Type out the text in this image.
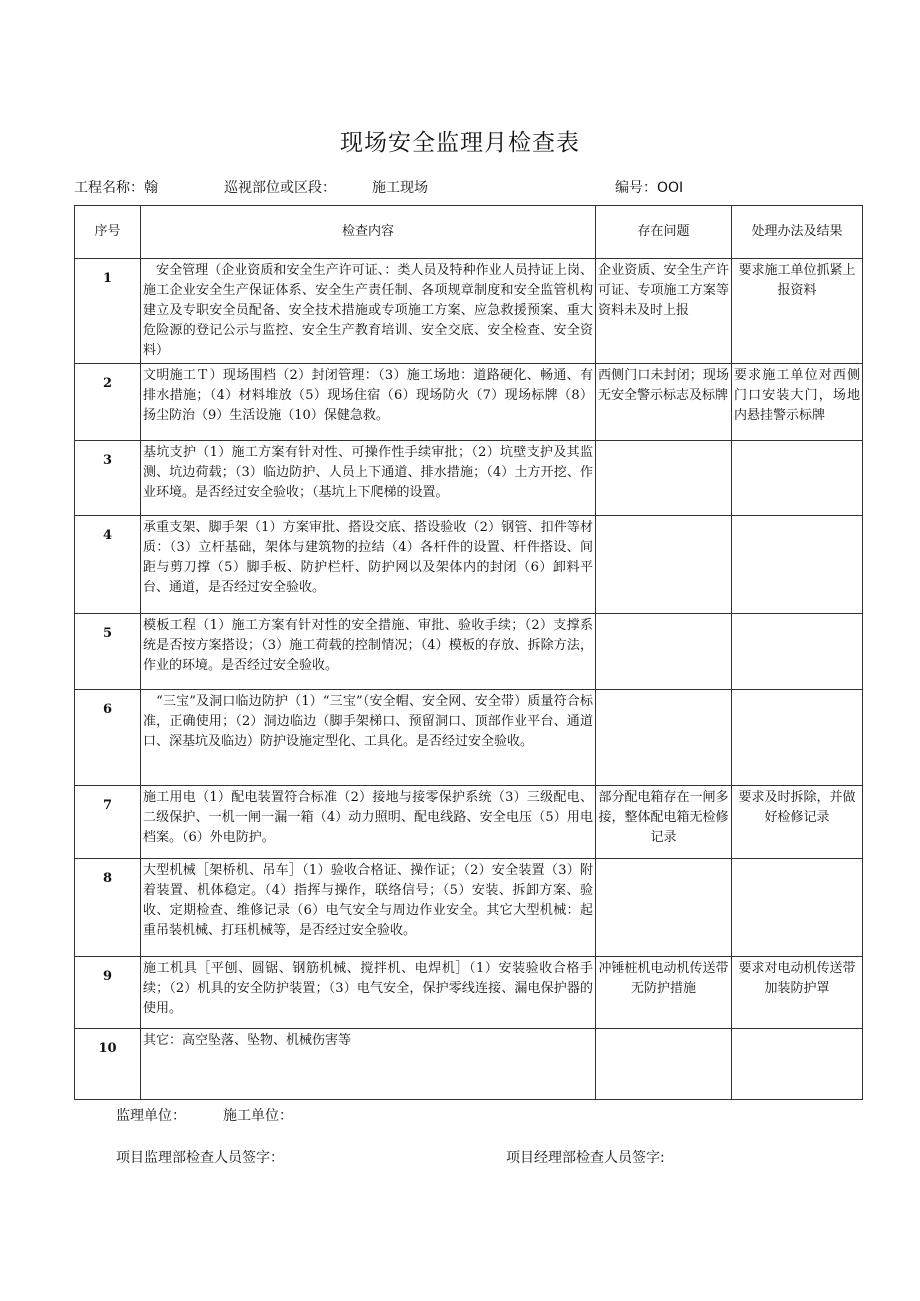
现场安全监理月检查表
工程名称：翰	巡视部位或区段：	施工现场	编号：OOI
序号	检查内容	存在问题	处理办法及结果
1	　安全管理（企业资质和安全生产许可证、：类人员及特种作业人员持证上岗、施工企业安全生产保证体系、安全生产责任制、各项规章制度和安全监管机构建立及专职安全员配备、安全技术措施或专项施工方案、应急救援预案、重大危险源的登记公示与监控、安全生产教育培训、安全交底、安全检查、安全资料）	企业资质、安全生产许可证、专项施工方案等资料未及时上报	要求施工单位抓紧上报资料
2	文明施工Ｔ）现场围档（2）封闭管理：（3）施工场地：道路硬化、畅通、有排水措施；（4）材料堆放（5）现场住宿（6）现场防火（7）现场标牌（8）扬尘防治（9）生活设施（10）保健急救。	西侧门口未封闭；现场无安全警示标志及标牌	要求施工单位对西侧门口安装大门，场地内悬挂警示标牌
3	基坑支护（1）施工方案有针对性、可操作性手续审批；（2）坑壁支护及其监测、坑边荷载；（3）临边防护、人员上下通道、排水措施；（4）土方开挖、作业环境。是否经过安全验收；（基坑上下爬梯的设置。		
4	承重支架、脚手架（1）方案审批、搭设交底、搭设验收（2）钢管、扣件等材质：（3）立杆基础，架体与建筑物的拉结（4）各杆件的设置、杆件搭设、间距与剪刀撑（5）脚手板、防护栏杆、防护网以及架体内的封闭（6）卸料平台、通道，是否经过安全验收。		
5	模板工程（1）施工方案有针对性的安全措施、审批、验收手续；（2）支撑系统是否按方案搭设；（3）施工荷载的控制情况；（4）模板的存放、拆除方法，作业的环境。是否经过安全验收。		
6	　“三宝”及洞口临边防护（1）“三宝”（安全帽、安全网、安全带）质量符合标准，正确使用；（2）洞边临边（脚手架梯口、预留洞口、顶部作业平台、通道口、深基坑及临边）防护设施定型化、工具化。是否经过安全验收。		
7	施工用电（1）配电装置符合标准（2）接地与接零保护系统（3）三级配电、二级保护、一机一闸一漏一箱（4）动力照明、配电线路、安全电压（5）用电档案。（6）外电防护。	部分配电箱存在一闸多接，整体配电箱无检修记录	要求及时拆除，并做好检修记录
8	大型机械［架桥机、吊车］（1）验收合格证、操作证；（2）安全装置（3）附着装置、机体稳定。（4）指挥与操作，联络信号；（5）安装、拆卸方案、验收、定期检查、维修记录（6）电气安全与周边作业安全。其它大型机械：起重吊装机械、打珏机械等，是否经过安全验收。		
9	施工机具［平刨、圆锯、钢筋机械、搅拌机、电焊机］（1）安装验收合格手续；（2）机具的安全防护装置；（3）电气安全，保护零线连接、漏电保护器的使用。	冲锤桩机电动机传送带无防护措施	要求对电动机传送带加装防护罩
10	其它：高空坠落、坠物、机械伤害等		
监理单位：	施工单位：
项目监理部检查人员签字：	项目经理部检查人员签字:
